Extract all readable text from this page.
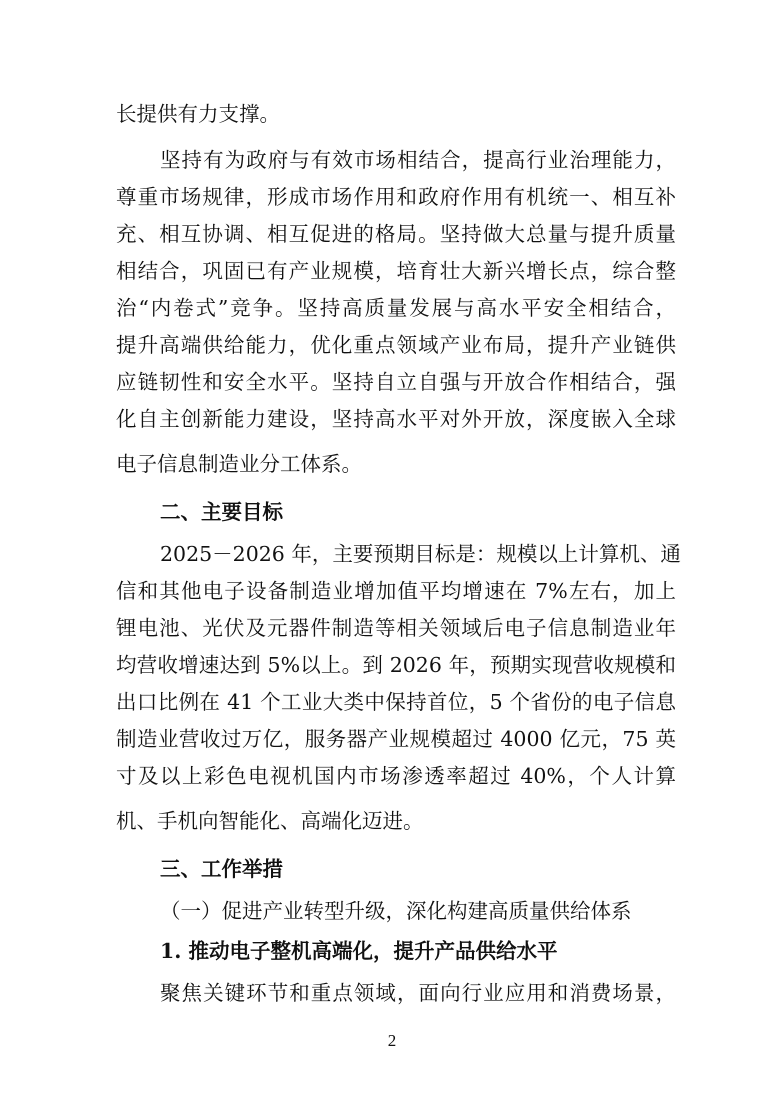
长提供有力支撑。
坚持有为政府与有效市场相结合，提高行业治理能力，
尊重市场规律，形成市场作用和政府作用有机统一、相互补
充、相互协调、相互促进的格局。坚持做大总量与提升质量
相结合，巩固已有产业规模，培育壮大新兴增长点，综合整
治“内卷式”竞争。坚持高质量发展与高水平安全相结合，
提升高端供给能力，优化重点领域产业布局，提升产业链供
应链韧性和安全水平。坚持自立自强与开放合作相结合，强
化自主创新能力建设，坚持高水平对外开放，深度嵌入全球
电子信息制造业分工体系。
二、主要目标
2025－2026 年，主要预期目标是：规模以上计算机、通
信和其他电子设备制造业增加值平均增速在 7%左右，加上
锂电池、光伏及元器件制造等相关领域后电子信息制造业年
均营收增速达到 5%以上。到 2026 年，预期实现营收规模和
出口比例在 41 个工业大类中保持首位，5 个省份的电子信息
制造业营收过万亿，服务器产业规模超过 4000 亿元，75 英
寸及以上彩色电视机国内市场渗透率超过 40%，个人计算
机、手机向智能化、高端化迈进。
三、工作举措
（一）促进产业转型升级，深化构建高质量供给体系
1. 推动电子整机高端化，提升产品供给水平
聚焦关键环节和重点领域，面向行业应用和消费场景，
2
